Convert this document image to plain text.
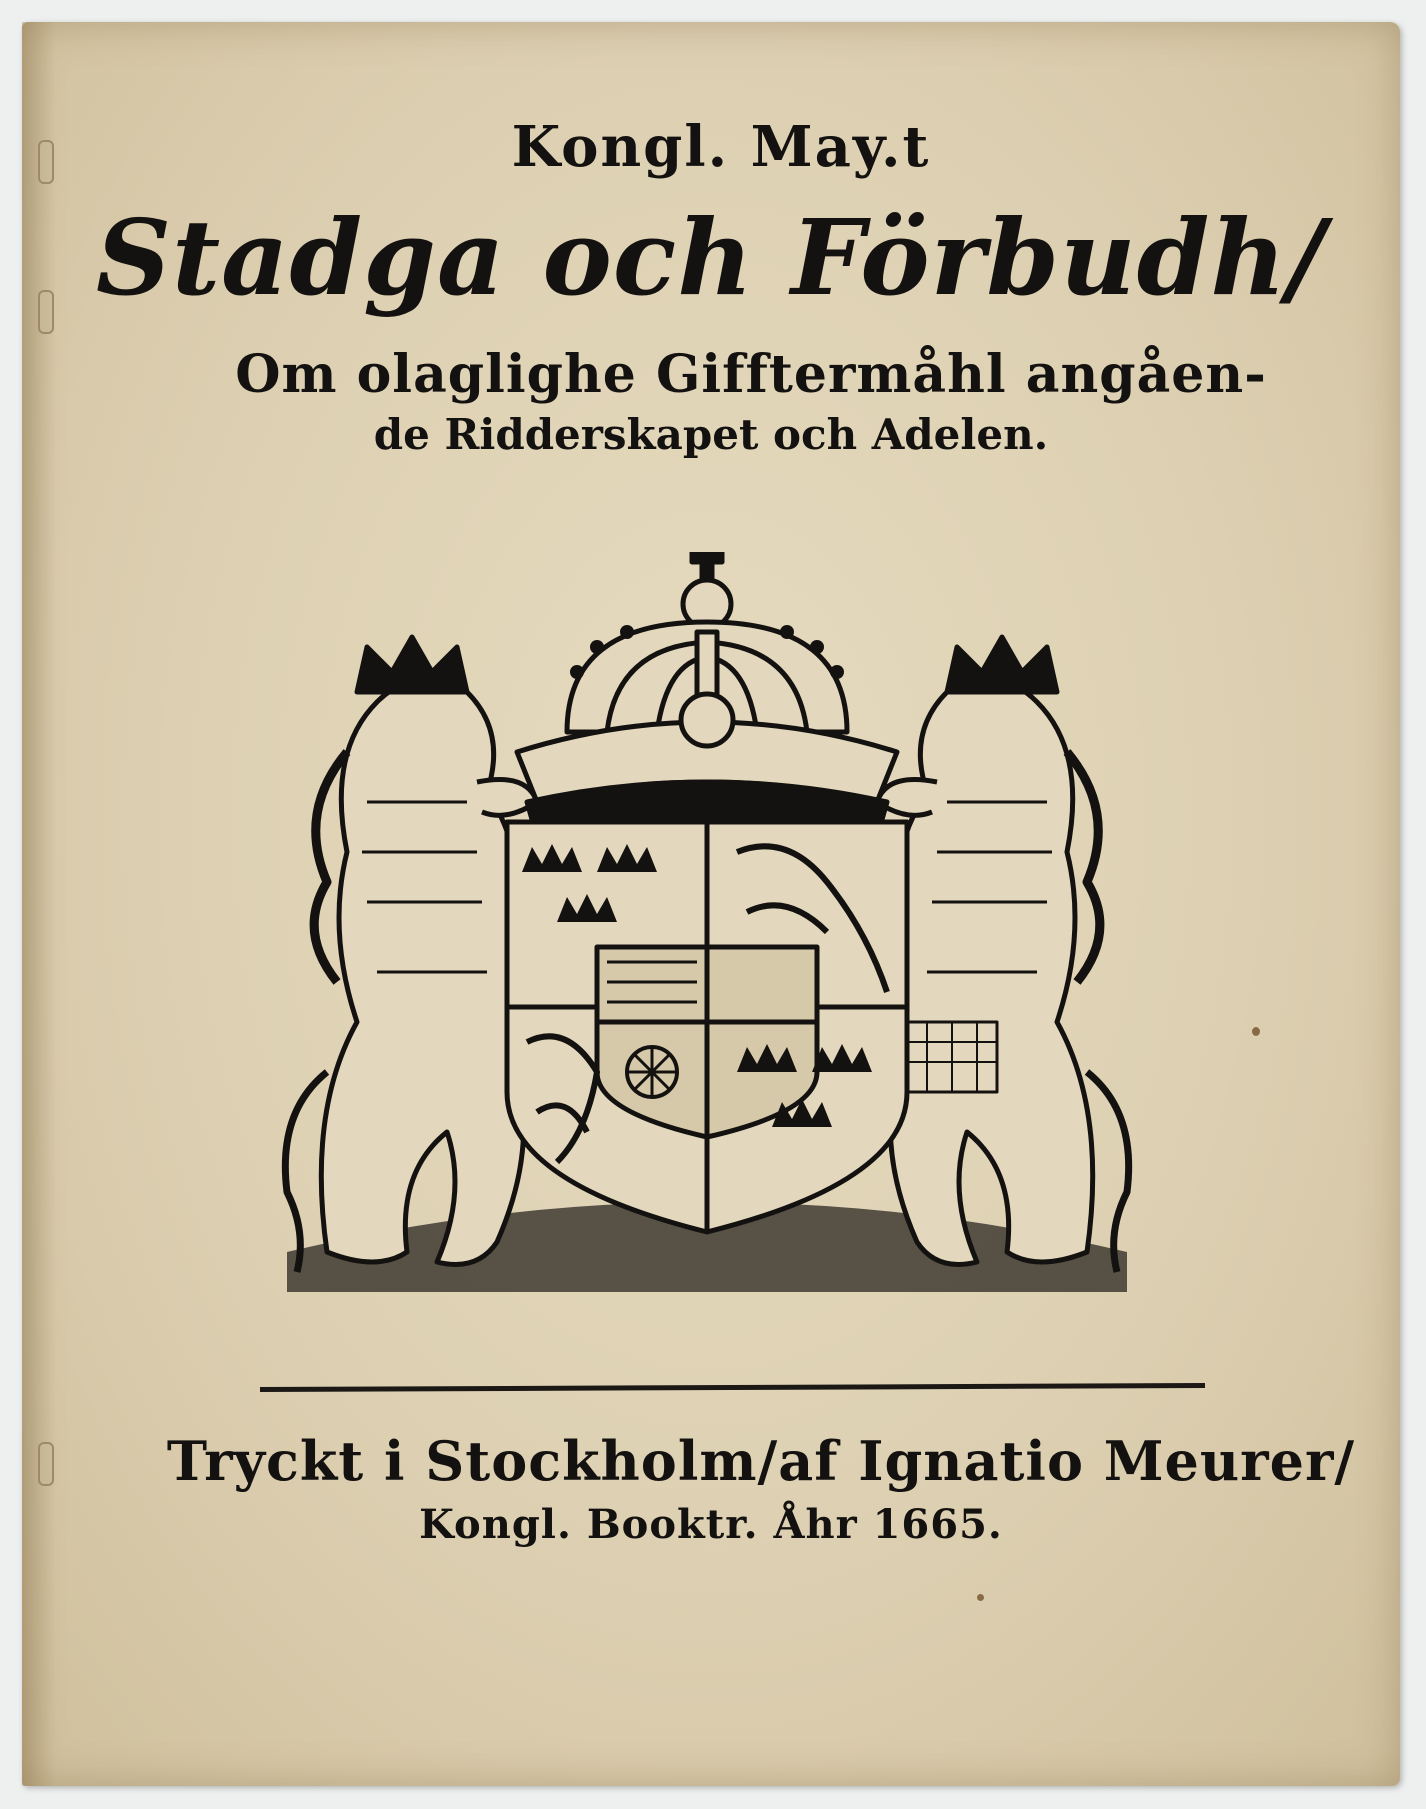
Kongl. May.t
Stadga och Förbudh/
Om olaglighe Gifftermåhl angåen-
de Ridderskapet och Adelen.
Tryckt i Stockholm/af Ignatio Meurer/
Kongl. Booktr. Åhr 1665.
